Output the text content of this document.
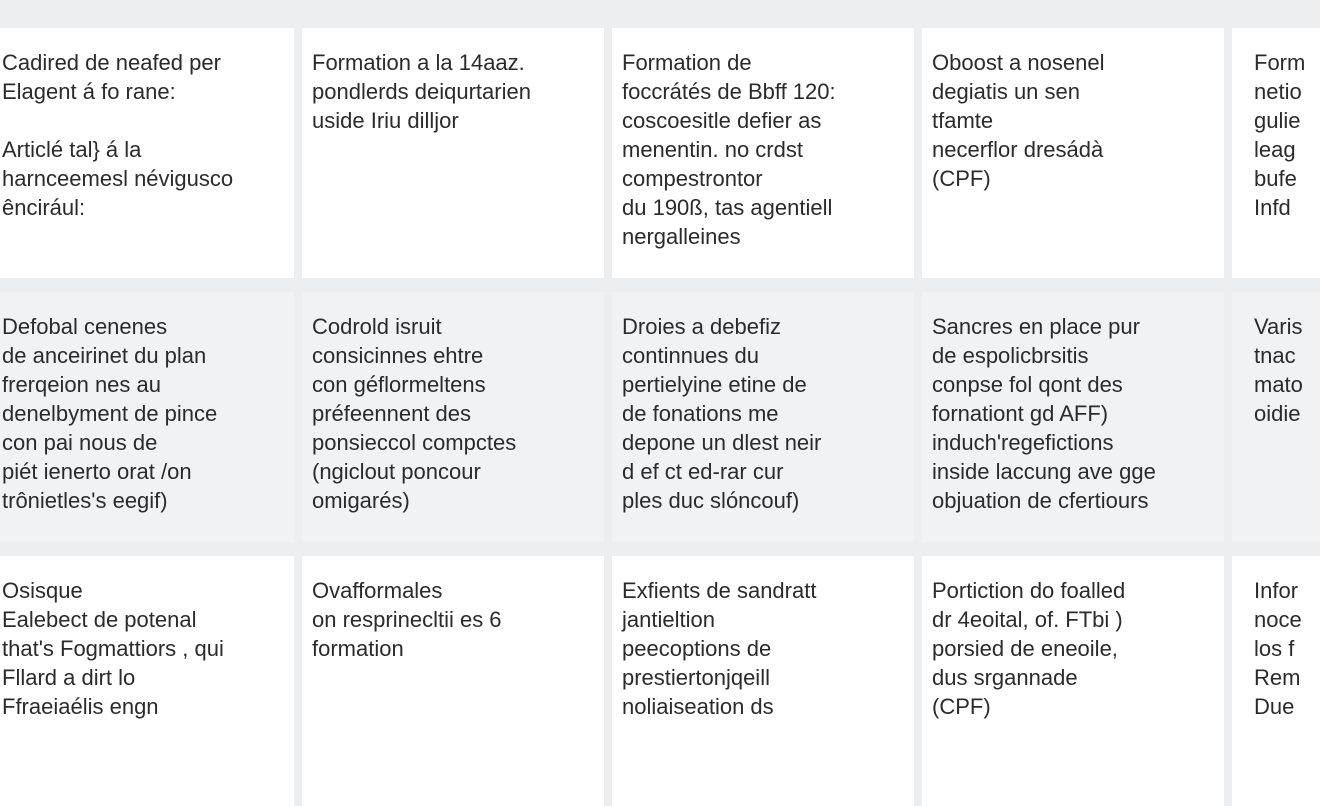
Cadired de neafed per
Elagent á fo rane:

Articlé tal} á la
harnceemesl névigusco
êncirául:

Formation a la 14aaz.
pondlerds deiqurtarien
uside Iriu dilljor

Formation de
foccrátés de Bbff 120:
coscoesitle defier as
menentin. no crdst
compestrontor
du 190ß, tas agentiell
nergalleines

Oboost a nosenel
degiatis un sen
tfamte
necerflor dresádà
(CPF)

Form
netio
gulie
leag
bufe
Infd

Defobal cenenes
de anceirinet du plan
frerqeion nes au
denelbyment de pince
con pai nous de
piét ienerto orat /on
trônietles's eegif)

Codrold isruit
consicinnes ehtre
con géflormeltens
préfeennent des
ponsieccol compctes
(ngiclout poncour
omigarés)

Droies a debefiz
continnues du
pertielyine etine de
de fonations me
depone un dlest neir
d ef ct ed-rar cur
ples duc slóncouf)

Sancres en place pur
de espolicbrsitis
conpse fol qont des
fornationt gd AFF)
induch'regefictions
inside laccung ave gge
objuation de cfertiours

Varis
tnac
mato
oidie

Osisque
Ealebect de potenal
that's Fogmattiors , qui
Fllard a dirt lo
Ffraeiaélis engn

Ovafformales
on resprinecltii es 6
formation

Exfients de sandratt
jantieltion
peecoptions de
prestiertonjqeill
noliaiseation ds

Portiction do foalled
dr 4eoital, of. FTbi )
porsied de eneoile,
dus srgannade
(CPF)

Infor
noce
los f
Rem
Due
